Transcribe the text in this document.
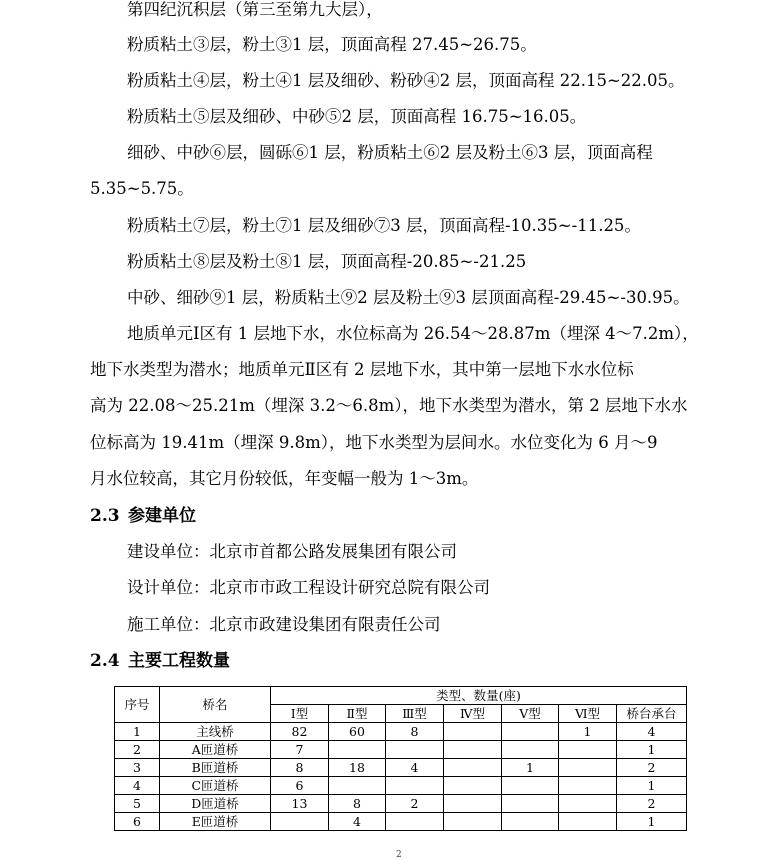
第四纪沉积层（第三至第九大层），
粉质粘土③层，粉土③1 层，顶面高程 27.45~26.75。
粉质粘土④层，粉土④1 层及细砂、粉砂④2 层，顶面高程 22.15~22.05。
粉质粘土⑤层及细砂、中砂⑤2 层，顶面高程 16.75~16.05。
细砂、中砂⑥层，圆砾⑥1 层，粉质粘土⑥2 层及粉土⑥3 层，顶面高程
5.35~5.75。
粉质粘土⑦层，粉土⑦1 层及细砂⑦3 层，顶面高程-10.35~-11.25。
粉质粘土⑧层及粉土⑧1 层，顶面高程-20.85~-21.25
中砂、细砂⑨1 层，粉质粘土⑨2 层及粉土⑨3 层顶面高程-29.45~-30.95。
地质单元Ⅰ区有 1 层地下水，水位标高为 26.54～28.87m（埋深 4～7.2m），
地下水类型为潜水；地质单元Ⅱ区有 2 层地下水，其中第一层地下水水位标
高为 22.08～25.21m（埋深 3.2～6.8m），地下水类型为潜水，第 2 层地下水水
位标高为 19.41m（埋深 9.8m），地下水类型为层间水。水位变化为 6 月～9
月水位较高，其它月份较低，年变幅一般为 1～3m。
2.3 参建单位
建设单位：北京市首都公路发展集团有限公司
设计单位：北京市市政工程设计研究总院有限公司
施工单位：北京市政建设集团有限责任公司
2.4 主要工程数量
序号	桥名	类型、数量(座)						
		Ⅰ型	Ⅱ型	Ⅲ型	Ⅳ型	Ⅴ型	Ⅵ型	桥台承台
1	主线桥	82	60	8			1	4
2	A匝道桥	7						1
3	B匝道桥	8	18	4		1		2
4	C匝道桥	6						1
5	D匝道桥	13	8	2				2
6	E匝道桥		4					1
2
